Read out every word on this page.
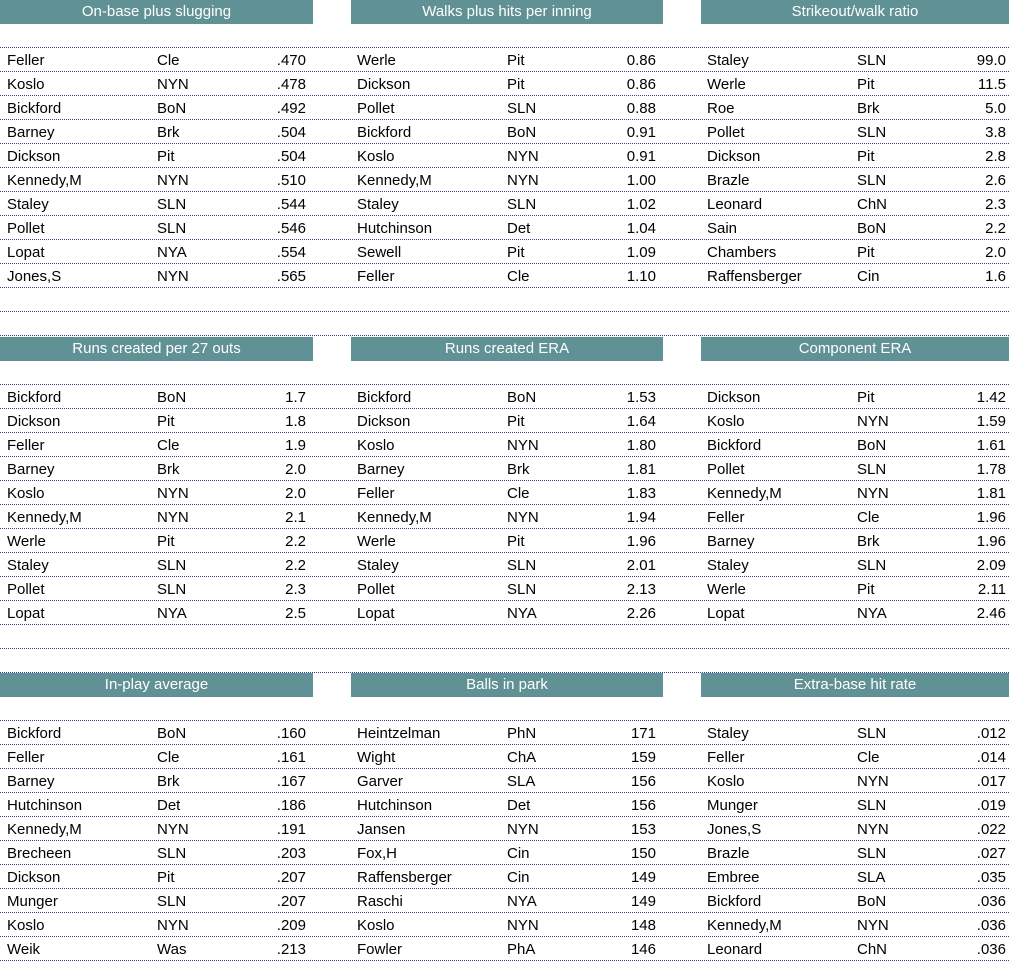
On-base plus slugging	Walks plus hits per inning	Strikeout/walk ratio
Feller	Cle	.470	Werle	Pit	0.86	Staley	SLN	99.0
Koslo	NYN	.478	Dickson	Pit	0.86	Werle	Pit	11.5
Bickford	BoN	.492	Pollet	SLN	0.88	Roe	Brk	5.0
Barney	Brk	.504	Bickford	BoN	0.91	Pollet	SLN	3.8
Dickson	Pit	.504	Koslo	NYN	0.91	Dickson	Pit	2.8
Kennedy,M	NYN	.510	Kennedy,M	NYN	1.00	Brazle	SLN	2.6
Staley	SLN	.544	Staley	SLN	1.02	Leonard	ChN	2.3
Pollet	SLN	.546	Hutchinson	Det	1.04	Sain	BoN	2.2
Lopat	NYA	.554	Sewell	Pit	1.09	Chambers	Pit	2.0
Jones,S	NYN	.565	Feller	Cle	1.10	Raffensberger	Cin	1.6
Runs created per 27 outs	Runs created ERA	Component ERA
Bickford	BoN	1.7	Bickford	BoN	1.53	Dickson	Pit	1.42
Dickson	Pit	1.8	Dickson	Pit	1.64	Koslo	NYN	1.59
Feller	Cle	1.9	Koslo	NYN	1.80	Bickford	BoN	1.61
Barney	Brk	2.0	Barney	Brk	1.81	Pollet	SLN	1.78
Koslo	NYN	2.0	Feller	Cle	1.83	Kennedy,M	NYN	1.81
Kennedy,M	NYN	2.1	Kennedy,M	NYN	1.94	Feller	Cle	1.96
Werle	Pit	2.2	Werle	Pit	1.96	Barney	Brk	1.96
Staley	SLN	2.2	Staley	SLN	2.01	Staley	SLN	2.09
Pollet	SLN	2.3	Pollet	SLN	2.13	Werle	Pit	2.11
Lopat	NYA	2.5	Lopat	NYA	2.26	Lopat	NYA	2.46
In-play average	Balls in park	Extra-base hit rate
Bickford	BoN	.160	Heintzelman	PhN	171	Staley	SLN	.012
Feller	Cle	.161	Wight	ChA	159	Feller	Cle	.014
Barney	Brk	.167	Garver	SLA	156	Koslo	NYN	.017
Hutchinson	Det	.186	Hutchinson	Det	156	Munger	SLN	.019
Kennedy,M	NYN	.191	Jansen	NYN	153	Jones,S	NYN	.022
Brecheen	SLN	.203	Fox,H	Cin	150	Brazle	SLN	.027
Dickson	Pit	.207	Raffensberger	Cin	149	Embree	SLA	.035
Munger	SLN	.207	Raschi	NYA	149	Bickford	BoN	.036
Koslo	NYN	.209	Koslo	NYN	148	Kennedy,M	NYN	.036
Weik	Was	.213	Fowler	PhA	146	Leonard	ChN	.036
